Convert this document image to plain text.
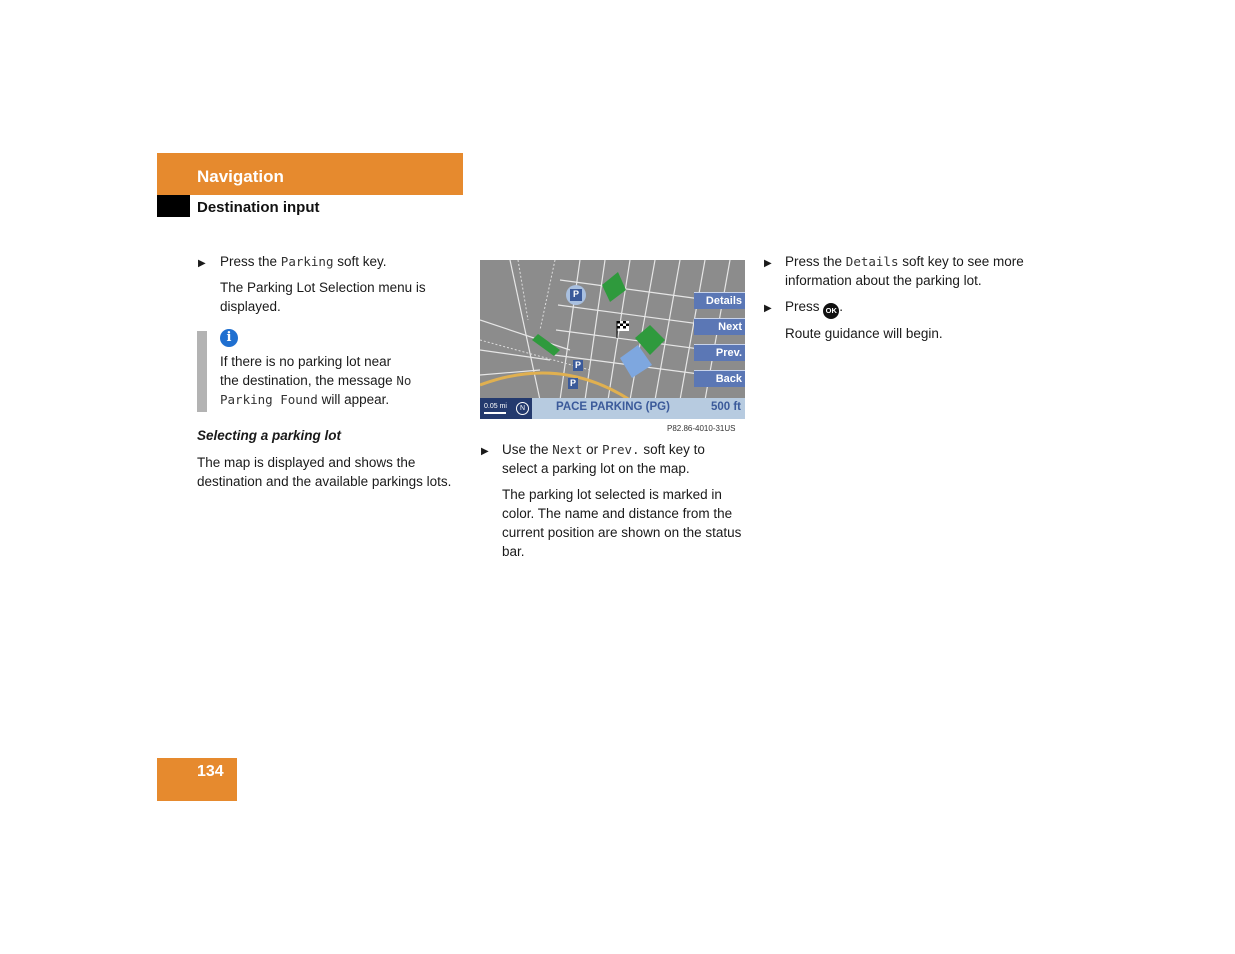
Navigation
Destination input
▶ Press the Parking soft key.
The Parking Lot Selection menu is displayed.
i
If there is no parking lot near
the destination, the message No
Parking Found will appear.
Selecting a parking lot
The map is displayed and shows the destination and the available parkings lots.
P
P
P
Details
Next
Prev.
Back
0.05 mi	N	PACE PARKING (PG)	500 ft
P82.86-4010-31US
▶ Use the Next or Prev. soft key to select a parking lot on the map.
The parking lot selected is marked in color. The name and distance from the current position are shown on the status bar.
▶ Press the Details soft key to see more information about the parking lot.
▶ Press OK .
Route guidance will begin.
134
